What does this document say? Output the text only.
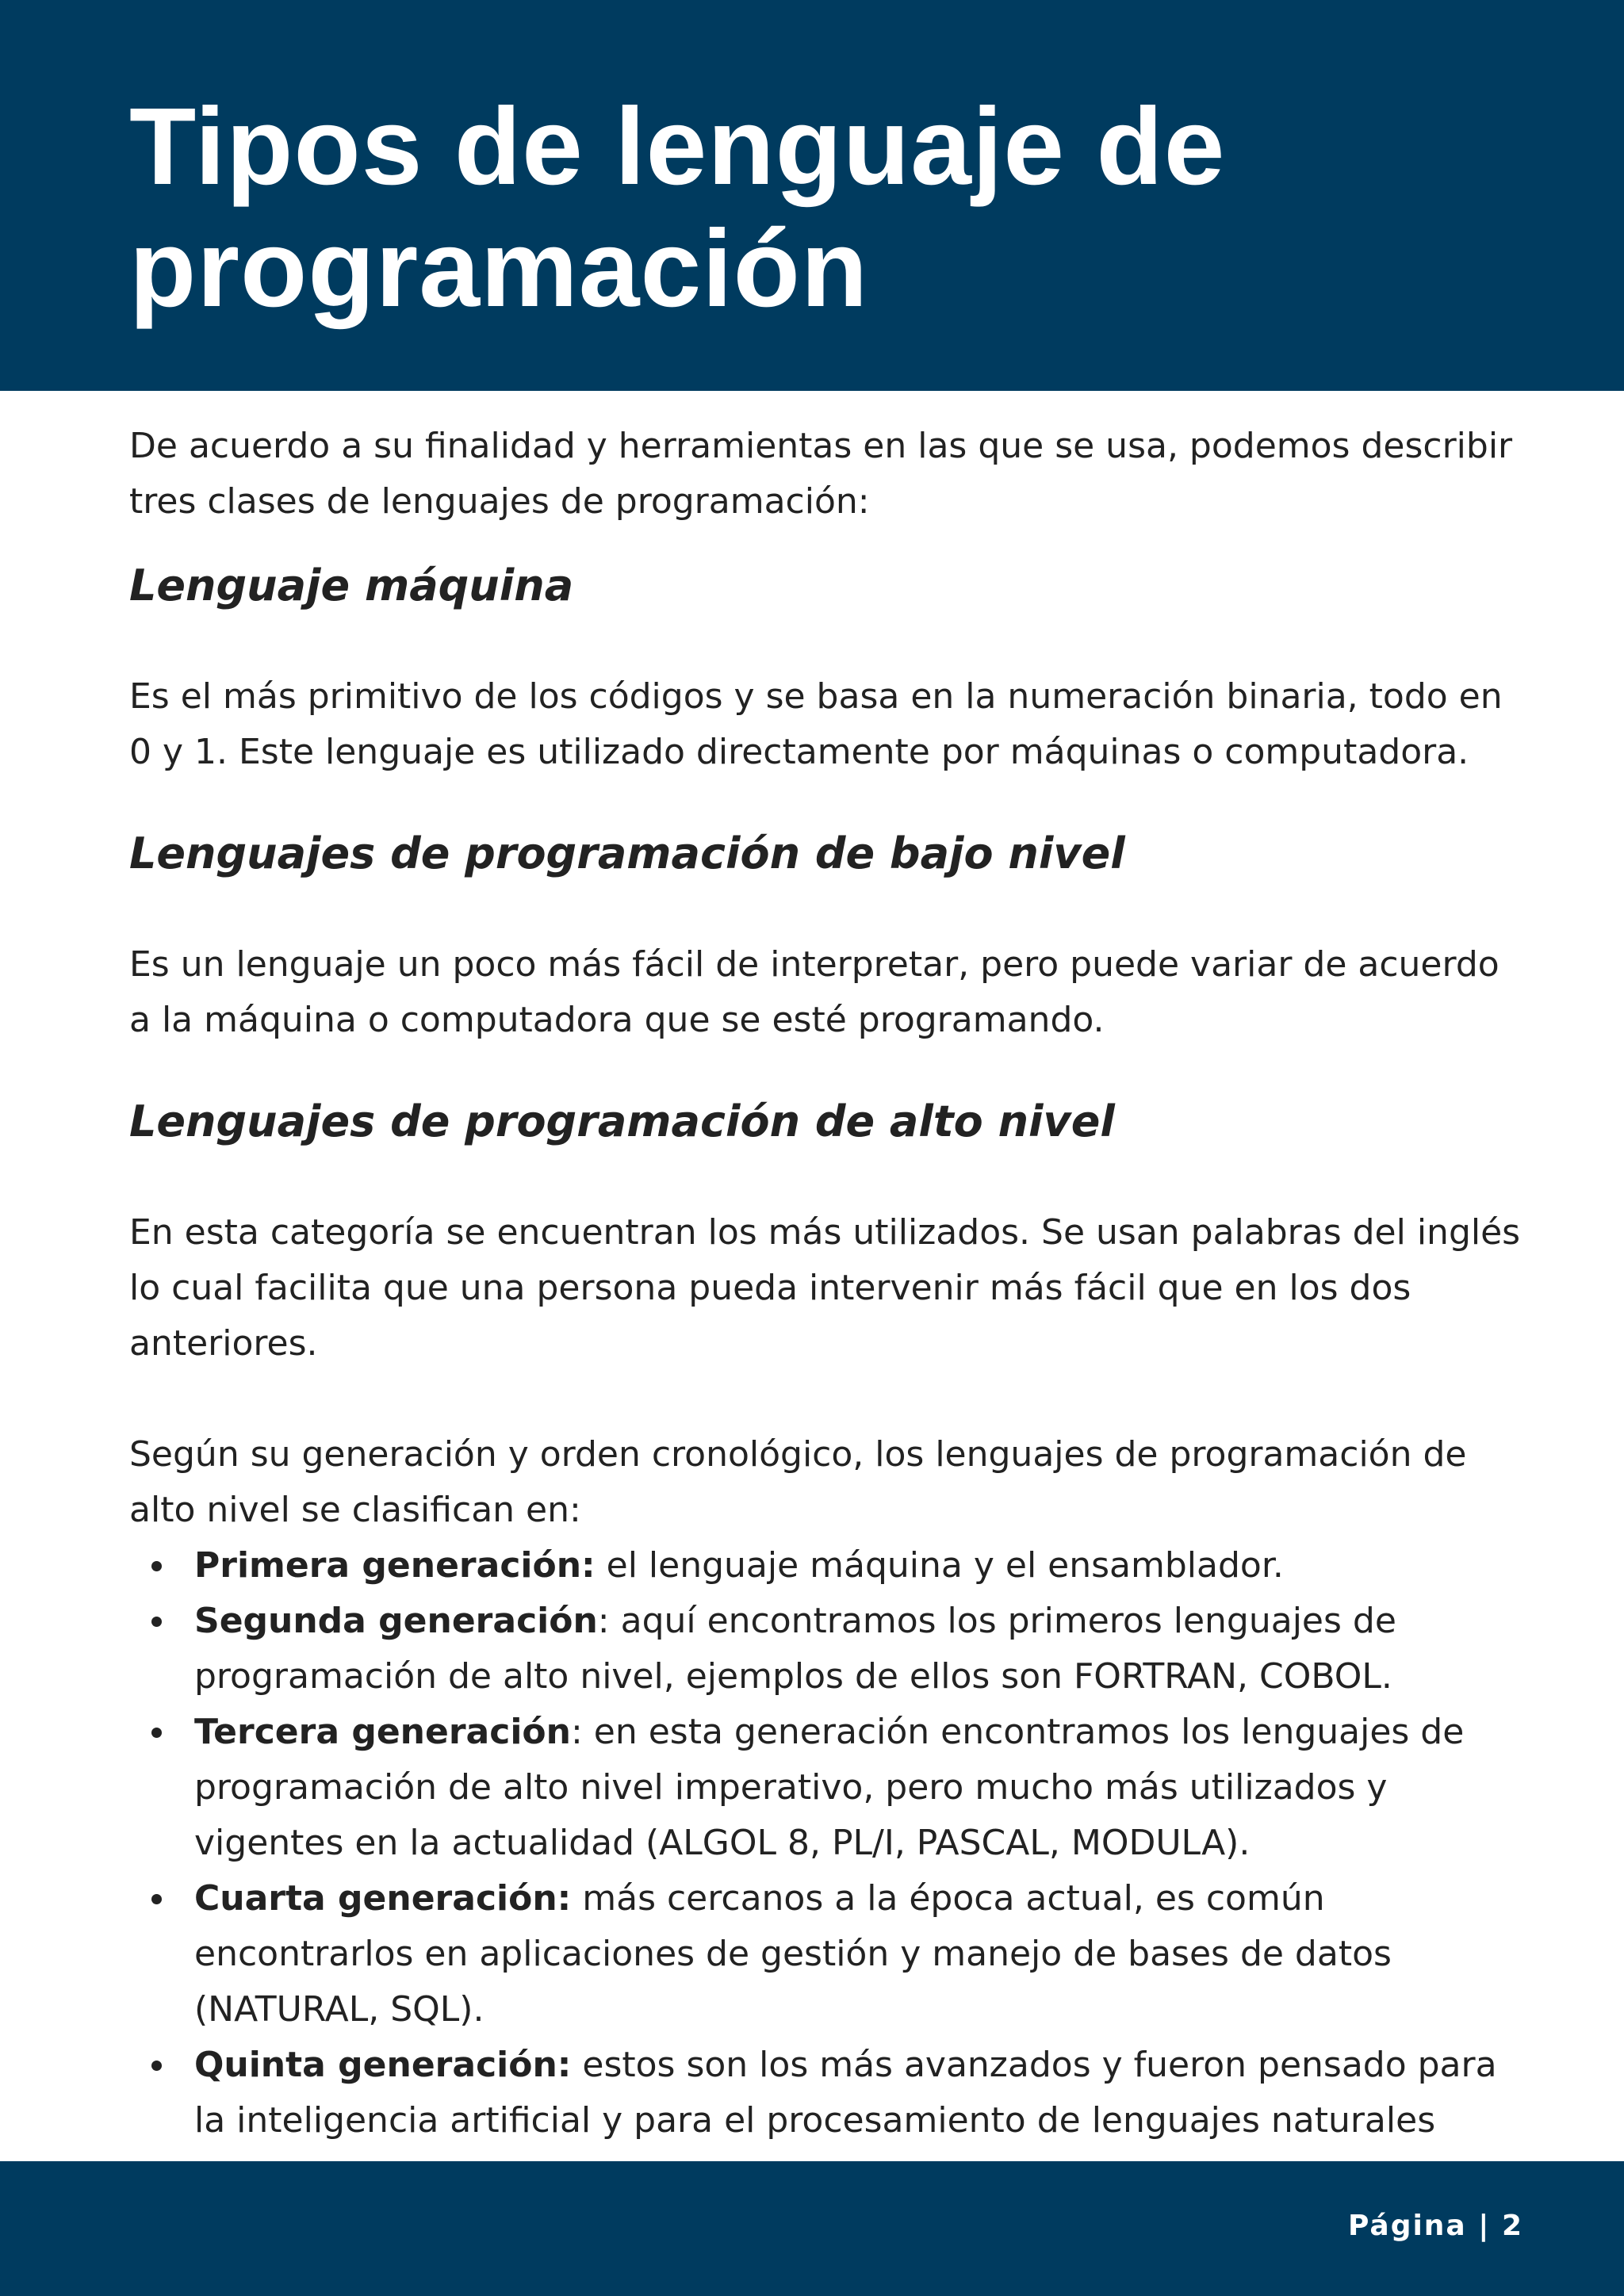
Tipos de lenguaje de programación

De acuerdo a su finalidad y herramientas en las que se usa, podemos describir tres clases de lenguajes de programación:

Lenguaje máquina

Es el más primitivo de los códigos y se basa en la numeración binaria, todo en 0 y 1. Este lenguaje es utilizado directamente por máquinas o computadora.

Lenguajes de programación de bajo nivel

Es un lenguaje un poco más fácil de interpretar, pero puede variar de acuerdo a la máquina o computadora que se esté programando.

Lenguajes de programación de alto nivel

En esta categoría se encuentran los más utilizados. Se usan palabras del inglés lo cual facilita que una persona pueda intervenir más fácil que en los dos anteriores.

Según su generación y orden cronológico, los lenguajes de programación de alto nivel se clasifican en:

Primera generación: el lenguaje máquina y el ensamblador.
Segunda generación: aquí encontramos los primeros lenguajes de programación de alto nivel, ejemplos de ellos son FORTRAN, COBOL.
Tercera generación: en esta generación encontramos los lenguajes de programación de alto nivel imperativo, pero mucho más utilizados y vigentes en la actualidad (ALGOL 8, PL/I, PASCAL, MODULA).
Cuarta generación: más cercanos a la época actual, es común encontrarlos en aplicaciones de gestión y manejo de bases de datos (NATURAL, SQL).
Quinta generación: estos son los más avanzados y fueron pensado para la inteligencia artificial y para el procesamiento de lenguajes naturales
Página | 2
